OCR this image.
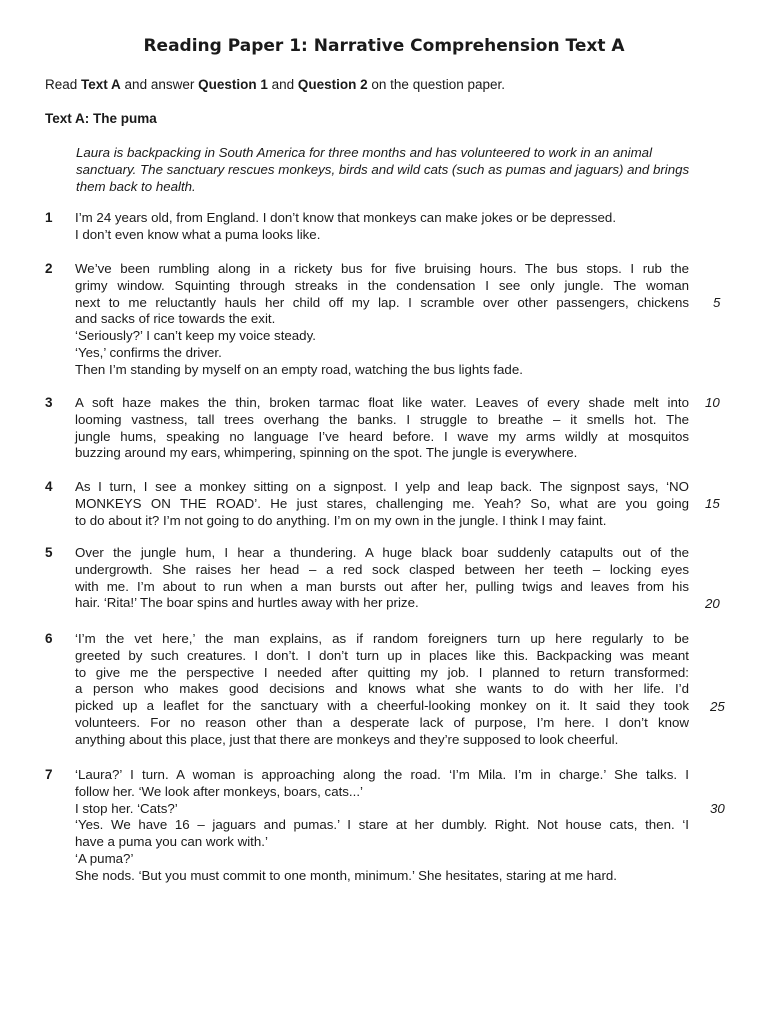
Reading Paper 1: Narrative Comprehension Text A
Read Text A and answer Question 1 and Question 2 on the question paper.
Text A: The puma
Laura is backpacking in South America for three months and has volunteered to work in an animal sanctuary. The sanctuary rescues monkeys, birds and wild cats (such as pumas and jaguars) and brings them back to health.
1 I’m 24 years old, from England. I don’t know that monkeys can make jokes or be depressed.
I don’t even know what a puma looks like.
2 We’ve been rumbling along in a rickety bus for five bruising hours. The bus stops. I rub the
grimy window. Squinting through streaks in the condensation I see only jungle. The woman
next to me reluctantly hauls her child off my lap. I scramble over other passengers, chickens
and sacks of rice towards the exit.
‘Seriously?’ I can’t keep my voice steady.
‘Yes,’ confirms the driver.
Then I’m standing by myself on an empty road, watching the bus lights fade.
3 A soft haze makes the thin, broken tarmac float like water. Leaves of every shade melt into
looming vastness, tall trees overhang the banks. I struggle to breathe – it smells hot. The
jungle hums, speaking no language I’ve heard before. I wave my arms wildly at mosquitos
buzzing around my ears, whimpering, spinning on the spot. The jungle is everywhere.
4 As I turn, I see a monkey sitting on a signpost. I yelp and leap back. The signpost says, ‘NO
MONKEYS ON THE ROAD’. He just stares, challenging me. Yeah? So, what are you going
to do about it? I’m not going to do anything. I’m on my own in the jungle. I think I may faint.
5 Over the jungle hum, I hear a thundering. A huge black boar suddenly catapults out of the
undergrowth. She raises her head – a red sock clasped between her teeth – locking eyes
with me. I’m about to run when a man bursts out after her, pulling twigs and leaves from his
hair. ‘Rita!’ The boar spins and hurtles away with her prize.
6 ‘I’m the vet here,’ the man explains, as if random foreigners turn up here regularly to be
greeted by such creatures. I don’t. I don’t turn up in places like this. Backpacking was meant
to give me the perspective I needed after quitting my job. I planned to return transformed:
a person who makes good decisions and knows what she wants to do with her life. I’d
picked up a leaflet for the sanctuary with a cheerful-looking monkey on it. It said they took
volunteers. For no reason other than a desperate lack of purpose, I’m here. I don’t know
anything about this place, just that there are monkeys and they’re supposed to look cheerful.
7 ‘Laura?’ I turn. A woman is approaching along the road. ‘I’m Mila. I’m in charge.’ She talks. I
follow her. ‘We look after monkeys, boars, cats...’
I stop her. ‘Cats?’
‘Yes. We have 16 – jaguars and pumas.’ I stare at her dumbly. Right. Not house cats, then. ‘I
have a puma you can work with.’
‘A puma?’
She nods. ‘But you must commit to one month, minimum.’ She hesitates, staring at me hard.
5
10
15
20
25
30
